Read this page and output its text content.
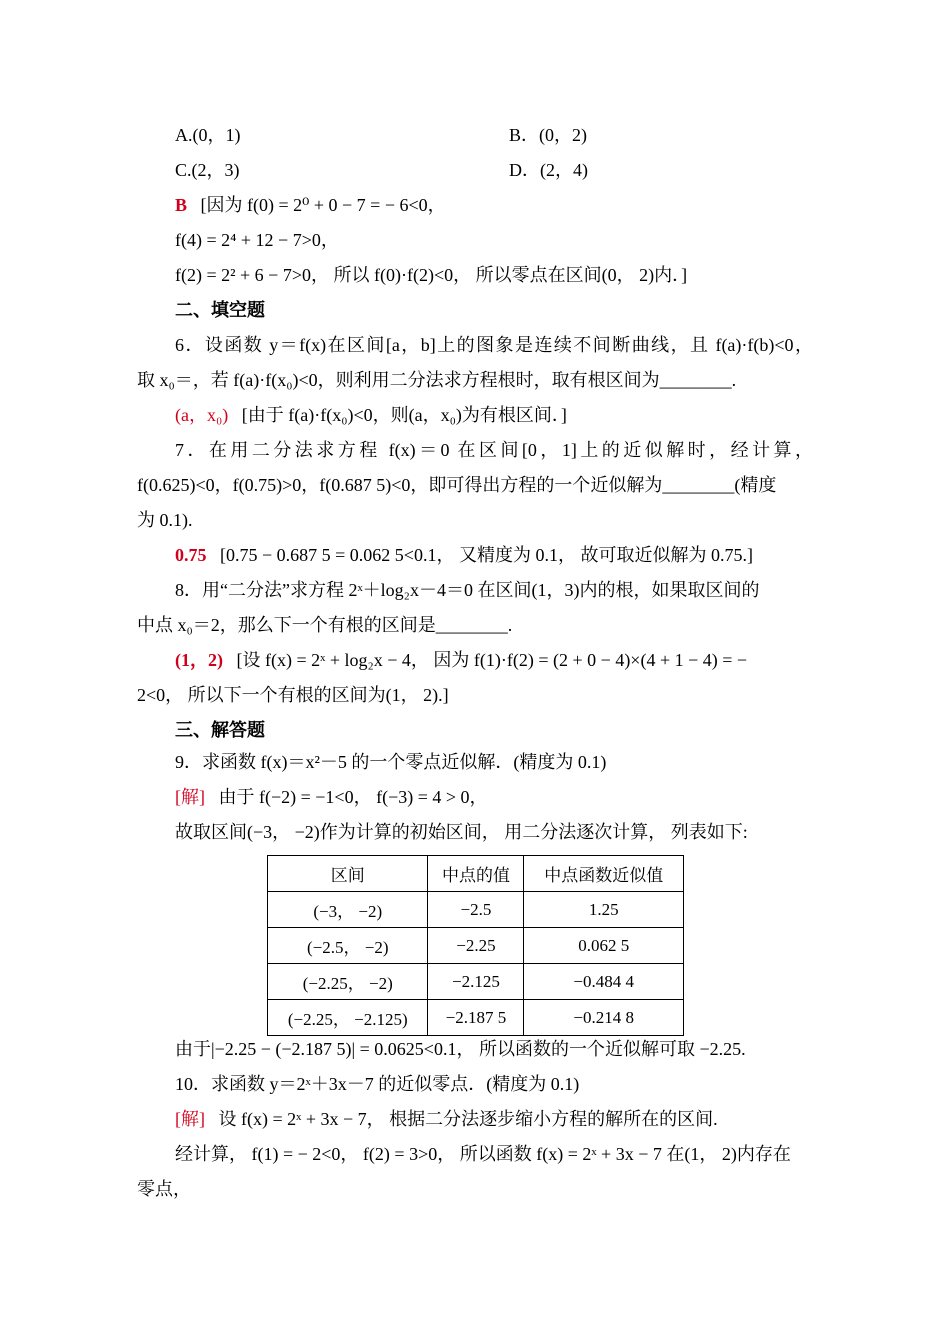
A.(0，1)	B．(0，2)
C.(2，3)	D．(2，4)
B [因为 f(0) = 2⁰ + 0 − 7 = − 6<0，
f(4) = 2⁴ + 12 − 7>0，
f(2) = 2² + 6 − 7>0， 所以 f(0)·f(2)<0， 所以零点在区间(0， 2)内．]
二、填空题
6．设函数 y＝f(x)在区间[a，b]上的图象是连续不间断曲线，且 f(a)·f(b)<0，
取 x₀＝，若 f(a)·f(x₀)<0，则利用二分法求方程根时，取有根区间为________.
(a，x₀) [由于 f(a)·f(x₀)<0，则(a，x₀)为有根区间．]
7．在用二分法求方程 f(x)＝0 在区间[0，1]上的近似解时，经计算，
f(0.625)<0，f(0.75)>0，f(0.687 5)<0，即可得出方程的一个近似解为________(精度
为 0.1).
0.75 [0.75 − 0.687 5 = 0.062 5<0.1， 又精度为 0.1， 故可取近似解为 0.75.]
8．用“二分法”求方程 2ˣ＋log₂x－4＝0 在区间(1，3)内的根，如果取区间的
中点 x₀＝2，那么下一个有根的区间是________.
(1，2) [设 f(x) = 2ˣ + log₂x − 4， 因为 f(1)·f(2) = (2 + 0 − 4)×(4 + 1 − 4) = −
2<0， 所以下一个有根的区间为(1， 2).]
三、解答题
9．求函数 f(x)＝x²－5 的一个零点近似解．(精度为 0.1)
[解] 由于 f(−2) = −1<0， f(−3) = 4 > 0，
故取区间(−3， −2)作为计算的初始区间， 用二分法逐次计算， 列表如下:
区间	中点的值	中点函数近似值
(−3， −2)	−2.5	1.25
(−2.5， −2)	−2.25	0.062 5
(−2.25， −2)	−2.125	−0.484 4
(−2.25， −2.125)	−2.187 5	−0.214 8
由于|−2.25 − (−2.187 5)| = 0.0625<0.1， 所以函数的一个近似解可取 −2.25.
10．求函数 y＝2ˣ＋3x－7 的近似零点．(精度为 0.1)
[解] 设 f(x) = 2ˣ + 3x − 7， 根据二分法逐步缩小方程的解所在的区间.
经计算， f(1) = − 2<0， f(2) = 3>0， 所以函数 f(x) = 2ˣ + 3x − 7 在(1， 2)内存在
零点，
